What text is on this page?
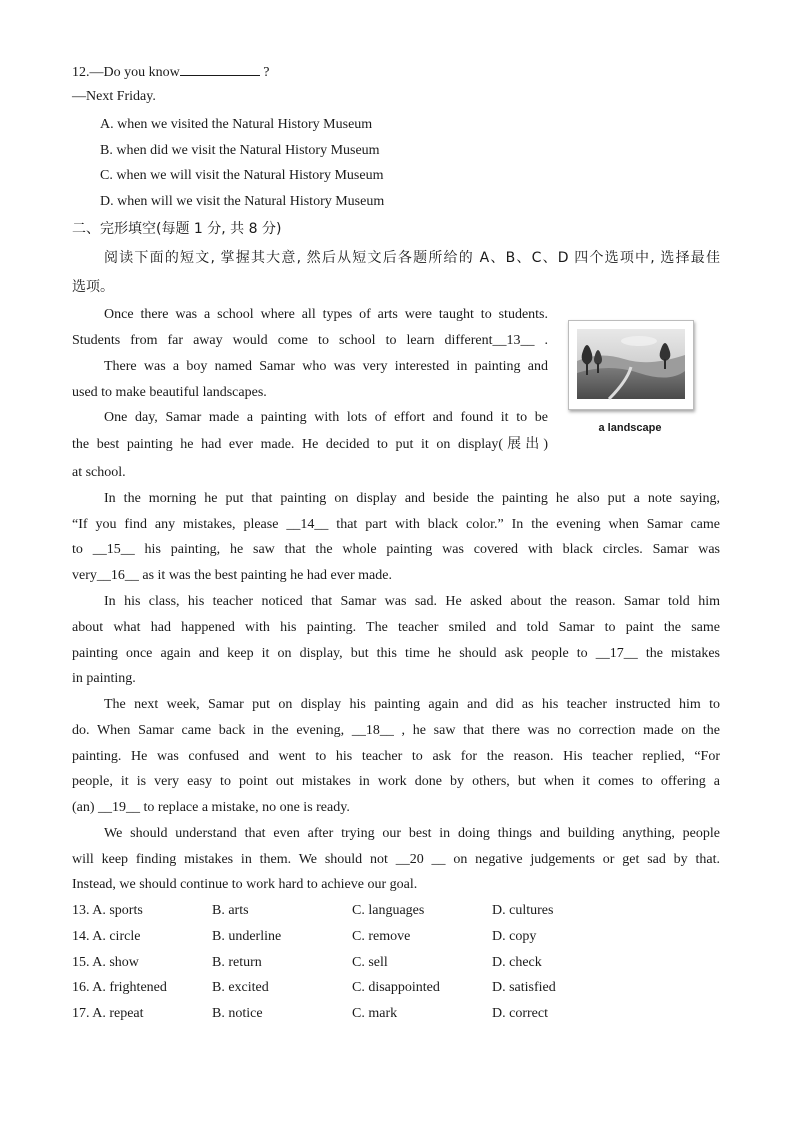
12.—Do you know	?
—Next Friday.
A. when we visited the Natural History Museum
B. when did we visit the Natural History Museum
C. when we will visit the Natural History Museum
D. when will we visit the Natural History Museum
二、完形填空(每题 1 分, 共 8 分)
阅读下面的短文, 掌握其大意, 然后从短文后各题所给的 A、B、C、D 四个选项中, 选择最佳
选项。
Once there was a school where all types of arts were taught to students.
Students from far away would come to school to learn different__13__ .
There was a boy named Samar who was very interested in painting and
used to make beautiful landscapes.
One day, Samar made a painting with lots of effort and found it to be
the best painting he had ever made. He decided to put it on display(展出)
at school.
a landscape
In the morning he put that painting on display and beside the painting he also put a note saying,
“If you find any mistakes, please __14__ that part with black color.” In the evening when Samar came
to __15__ his painting, he saw that the whole painting was covered with black circles. Samar was
very__16__ as it was the best painting he had ever made.
In his class, his teacher noticed that Samar was sad. He asked about the reason. Samar told him
about what had happened with his painting. The teacher smiled and told Samar to paint the same
painting once again and keep it on display, but this time he should ask people to __17__ the mistakes
in painting.
The next week, Samar put on display his painting again and did as his teacher instructed him to
do. When Samar came back in the evening, __18__ , he saw that there was no correction made on the
painting. He was confused and went to his teacher to ask for the reason. His teacher replied, “For
people, it is very easy to point out mistakes in work done by others, but when it comes to offering a
(an) __19__ to replace a mistake, no one is ready.
We should understand that even after trying our best in doing things and building anything, people
will keep finding mistakes in them. We should not __20 __ on negative judgements or get sad by that.
Instead, we should continue to work hard to achieve our goal.
13. A. sports	B. arts	C. languages	D. cultures
14. A. circle	B. underline	C. remove	D. copy
15. A. show	B. return	C. sell	D. check
16. A. frightened	B. excited	C. disappointed	D. satisfied
17. A. repeat	B. notice	C. mark	D. correct
